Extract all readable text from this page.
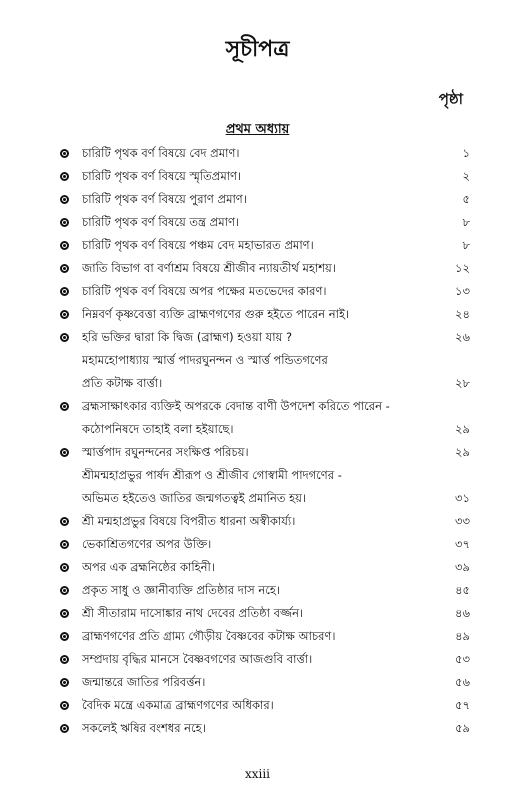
সূচীপত্র
পৃষ্ঠা
প্রথম অধ্যায়
চারিটি পৃথক বর্ণ বিষয়ে বেদ প্রমাণ।	১
চারিটি পৃথক বর্ণ বিষয়ে স্মৃতিপ্রমাণ।	২
চারিটি পৃথক বর্ণ বিষয়ে পুরাণ প্রমাণ।	৫
চারিটি পৃথক বর্ণ বিষয়ে তন্ত্র প্রমাণ।	৮
চারিটি পৃথক বর্ণ বিষয়ে পঞ্চম বেদ মহাভারত প্রমাণ।	৮
জাতি বিভাগ বা বর্ণাশ্রম বিষয়ে শ্রীজীব ন্যায়তীর্থ মহাশয়।	১২
চারিটি পৃথক বর্ণ বিষয়ে অপর পক্ষের মতভেদের কারণ।	১৩
নিম্নবর্ণ কৃষ্ণবেত্তা ব্যক্তি ব্রাহ্মণগণের গুরু হইতে পারেন নাই।	২৪
হরি ভক্তির দ্বারা কি দ্বিজ (ব্রাহ্মণ) হওয়া যায় ?	২৬
মহামহোপাধ্যায় স্মার্ত্ত পাদরঘুনন্দন ও স্মার্ত্ত পন্ডিতগণের
প্রতি কটাক্ষ বার্ত্তা।	২৮
ব্রহ্মসাক্ষাৎকার ব্যক্তিই অপরকে বেদান্ত বাণী উপদেশ করিতে পারেন -
কঠোপনিষদে তাহাই বলা হইয়াছে।	২৯
স্মার্ত্তপাদ রঘুনন্দনের সংক্ষিপ্ত পরিচয়।	২৯
শ্রীমন্মহাপ্রভুর পার্ষদ শ্রীরূপ ও শ্রীজীব গোস্বামী পাদগণের -
অভিমত হইতেও জাতির জন্মগতত্বই প্রমানিত হয়।	৩১
শ্রী মন্মহাপ্রভুর বিষয়ে বিপরীত ধারনা অস্বীকার্য্য।	৩৩
ভেকাশ্রিতগণের অপর উক্তি।	৩৭
অপর এক ব্রহ্মনিষ্ঠের কাহিনী।	৩৯
প্রকৃত সাধু ও জ্ঞানীব্যক্তি প্রতিষ্ঠার দাস নহে।	৪৫
শ্রী সীতারাম দাসোঙ্কার নাথ দেবের প্রতিষ্ঠা বর্জ্জন।	৪৬
ব্রাহ্মণগণের প্রতি গ্রাম্য গৌড়ীয় বৈষ্ণবের কটাক্ষ আচরণ।	৪৯
সম্প্রদায় বৃদ্ধির মানসে বৈষ্ণবগণের আজগুবি বার্ত্তা।	৫৩
জন্মান্তরে জাতির পরিবর্ত্তন।	৫৬
বৈদিক মন্ত্রে একমাত্র ব্রাহ্মণগণের অধিকার।	৫৭
সকলেই ঋষির বংশধর নহে।	৫৯
xxiii
